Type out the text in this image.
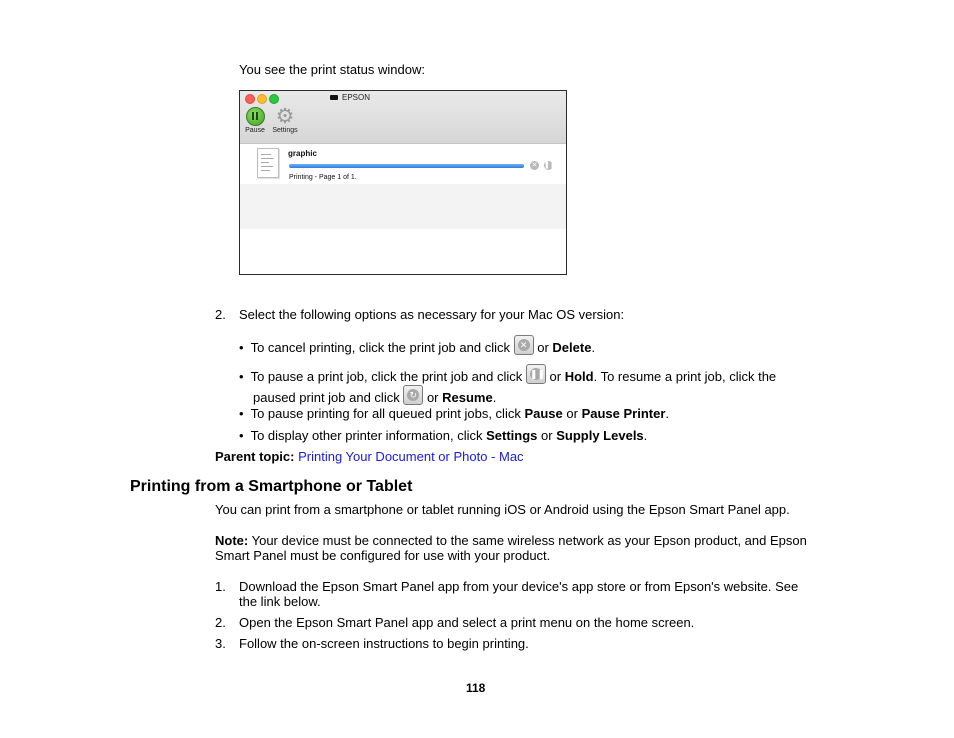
You see the print status window:
EPSON
Pause
⚙
Settings
graphic
✕ ❚❚
Printing - Page 1 of 1.
2. Select the following options as necessary for your Mac OS version:
• To cancel printing, click the print job and click ✕ or Delete.
• To pause a print job, click the print job and click ❚❚ or Hold. To resume a print job, click the
paused print job and click ↻ or Resume.
• To pause printing for all queued print jobs, click Pause or Pause Printer.
• To display other printer information, click Settings or Supply Levels.
Parent topic: Printing Your Document or Photo - Mac
Printing from a Smartphone or Tablet
You can print from a smartphone or tablet running iOS or Android using the Epson Smart Panel app.
Note: Your device must be connected to the same wireless network as your Epson product, and Epson
Smart Panel must be configured for use with your product.
1. Download the Epson Smart Panel app from your device's app store or from Epson's website. See
the link below.
2. Open the Epson Smart Panel app and select a print menu on the home screen.
3. Follow the on-screen instructions to begin printing.
118
